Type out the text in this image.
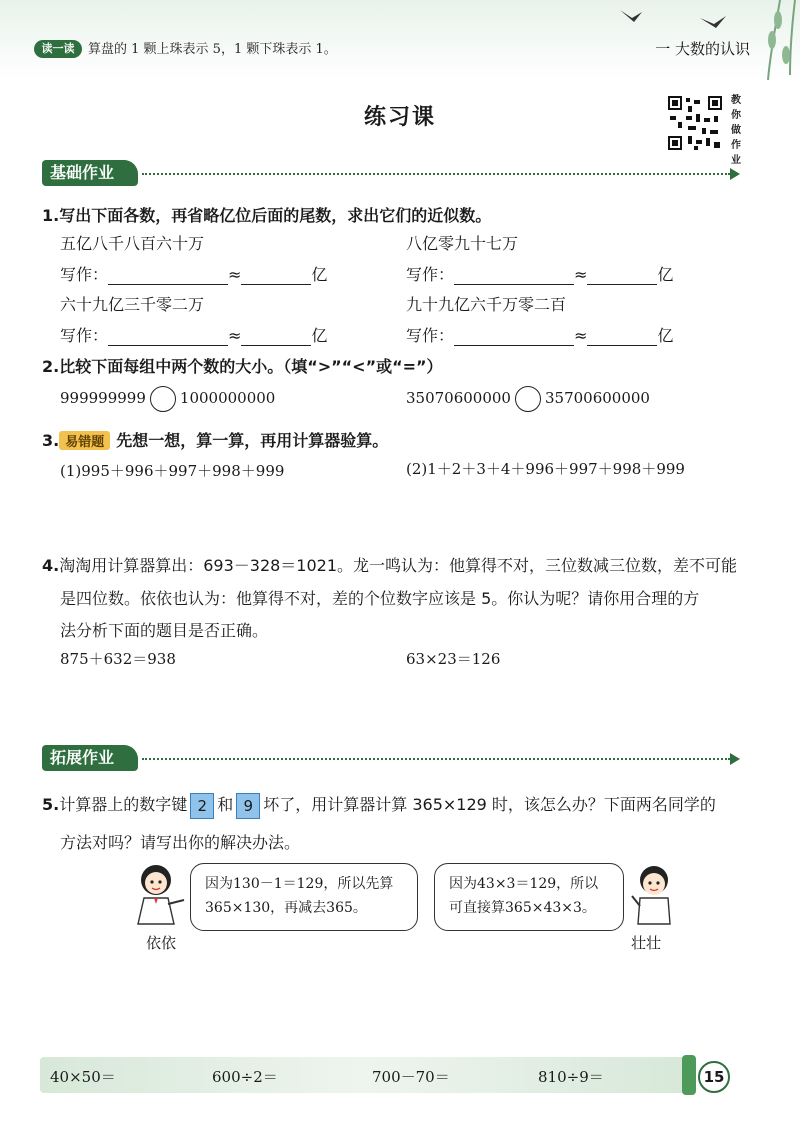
读一读	算盘的 1 颗上珠表示 5，1 颗下珠表示 1。	一 大数的认识
练习课
教你做作业
基础作业
1.写出下面各数，再省略亿位后面的尾数，求出它们的近似数。
五亿八千八百六十万
写作：	≈	亿
八亿零九十七万
写作：	≈	亿
六十九亿三千零二万
写作：	≈	亿
九十九亿六千万零二百
写作：	≈	亿
2.比较下面每组中两个数的大小。（填“>”“<”或“=”）
999999999 1000000000	35070600000 35700600000
3. 易错题 先想一想，算一算，再用计算器验算。
(1)995＋996＋997＋998＋999	(2)1＋2＋3＋4＋996＋997＋998＋999
4.淘淘用计算器算出：693－328＝1021。龙一鸣认为：他算得不对，三位数减三位数，差不可能
是四位数。依依也认为：他算得不对，差的个位数字应该是 5。你认为呢？请你用合理的方
法分析下面的题目是否正确。
875＋632＝938	63×23＝126
拓展作业
5.计算器上的数字键 2 和 9 坏了，用计算器计算 365×129 时，该怎么办？下面两名同学的
方法对吗？请写出你的解决办法。
依依
因为130－1＝129，所以先算
365×130，再减去365。
因为43×3＝129，所以
可直接算365×43×3。
壮壮
40×50＝	600÷2＝	700－70＝	810÷9＝	15
